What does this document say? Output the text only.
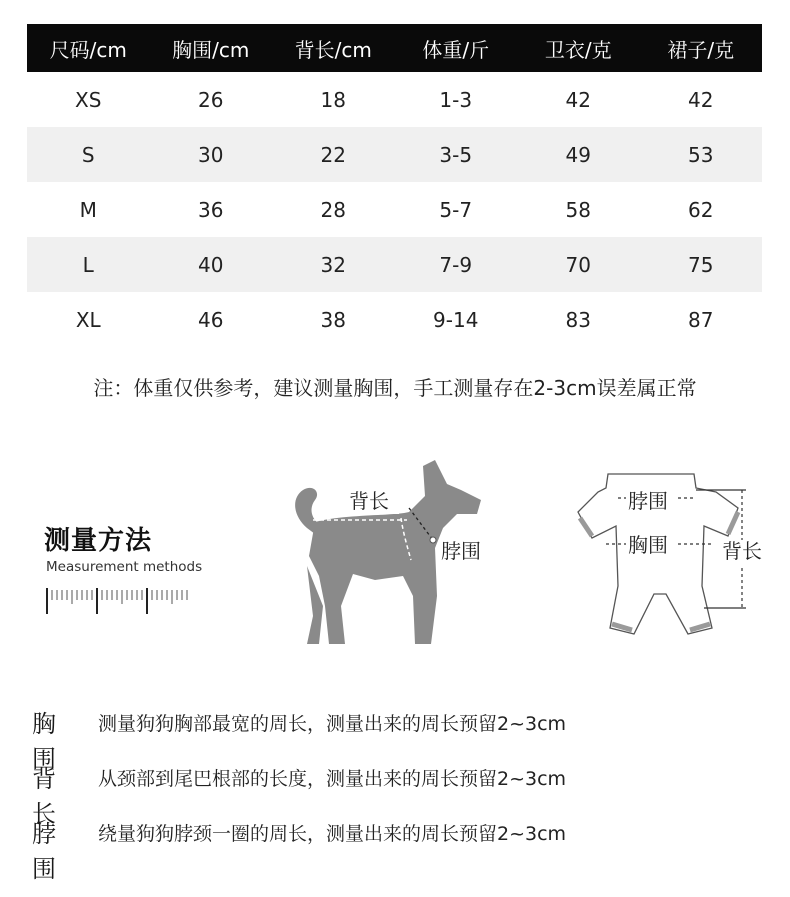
尺码/cm	胸围/cm	背长/cm	体重/斤	卫衣/克	裙子/克
XS	26	18	1-3	42	42
S	30	22	3-5	49	53
M	36	28	5-7	58	62
L	40	32	7-9	70	75
XL	46	38	9-14	83	87
注：体重仅供参考，建议测量胸围，手工测量存在2-3cm误差属正常
测量方法
Measurement methods
背长
脖围
胸围
脖围
胸围	背长
胸围
测量狗狗胸部最宽的周长，测量出来的周长预留2~3cm
背长
从颈部到尾巴根部的长度，测量出来的周长预留2~3cm
脖围
绕量狗狗脖颈一圈的周长，测量出来的周长预留2~3cm
